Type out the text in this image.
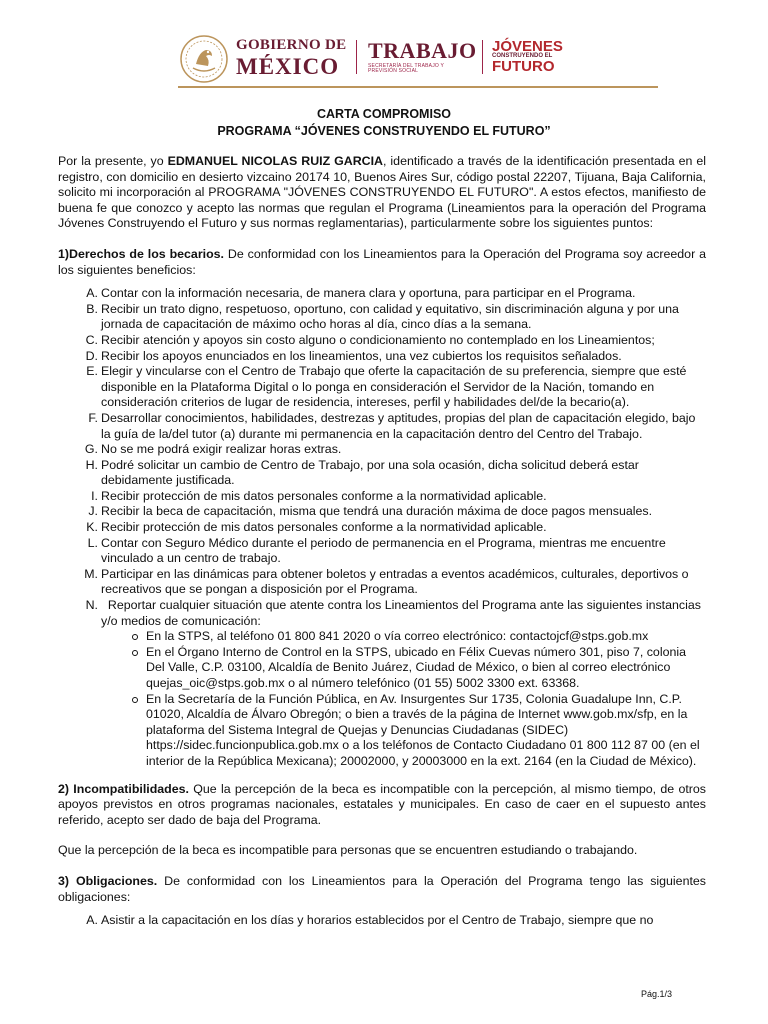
GOBIERNO DE
MÉXICO
TRABAJO
SECRETARÍA DEL TRABAJO Y PREVISIÓN SOCIAL
JÓVENES
CONSTRUYENDO EL
FUTURO
CARTA COMPROMISO
PROGRAMA “JÓVENES CONSTRUYENDO EL FUTURO”

Por la presente, yo EDMANUEL NICOLAS RUIZ GARCIA, identificado a través de la identificación presentada en el registro, con domicilio en desierto vizcaino 20174 10, Buenos Aires Sur, código postal 22207, Tijuana, Baja California, solicito mi incorporación al PROGRAMA "JÓVENES CONSTRUYENDO EL FUTURO". A estos efectos, manifiesto de buena fe que conozco y acepto las normas que regulan el Programa (Lineamientos para la operación del Programa Jóvenes Construyendo el Futuro y sus normas reglamentarias), particularmente sobre los siguientes puntos:

1)Derechos de los becarios. De conformidad con los Lineamientos para la Operación del Programa soy acreedor a los siguientes beneficios:

A. Contar con la información necesaria, de manera clara y oportuna, para participar en el Programa.
B. Recibir un trato digno, respetuoso, oportuno, con calidad y equitativo, sin discriminación alguna y por una jornada de capacitación de máximo ocho horas al día, cinco días a la semana.
C. Recibir atención y apoyos sin costo alguno o condicionamiento no contemplado en los Lineamientos;
D. Recibir los apoyos enunciados en los lineamientos, una vez cubiertos los requisitos señalados.
E. Elegir y vincularse con el Centro de Trabajo que oferte la capacitación de su preferencia, siempre que esté disponible en la Plataforma Digital o lo ponga en consideración el Servidor de la Nación, tomando en consideración criterios de lugar de residencia, intereses, perfil y habilidades del/de la becario(a).
F. Desarrollar conocimientos, habilidades, destrezas y aptitudes, propias del plan de capacitación elegido, bajo la guía de la/del tutor (a) durante mi permanencia en la capacitación dentro del Centro del Trabajo.
G. No se me podrá exigir realizar horas extras.
H. Podré solicitar un cambio de Centro de Trabajo, por una sola ocasión, dicha solicitud deberá estar debidamente justificada.
I. Recibir protección de mis datos personales conforme a la normatividad aplicable.
J. Recibir la beca de capacitación, misma que tendrá una duración máxima de doce pagos mensuales.
K. Recibir protección de mis datos personales conforme a la normatividad aplicable.
L. Contar con Seguro Médico durante el periodo de permanencia en el Programa, mientras me encuentre vinculado a un centro de trabajo.
M. Participar en las dinámicas para obtener boletos y entradas a eventos académicos, culturales, deportivos o recreativos que se pongan a disposición por el Programa.
N. Reportar cualquier situación que atente contra los Lineamientos del Programa ante las siguientes instancias y/o medios de comunicación:
En la STPS, al teléfono 01 800 841 2020 o vía correo electrónico: contactojcf@stps.gob.mx
En el Órgano Interno de Control en la STPS, ubicado en Félix Cuevas número 301, piso 7, colonia Del Valle, C.P. 03100, Alcaldía de Benito Juárez, Ciudad de México, o bien al correo electrónico quejas_oic@stps.gob.mx o al número telefónico (01 55) 5002 3300 ext. 63368.
En la Secretaría de la Función Pública, en Av. Insurgentes Sur 1735, Colonia Guadalupe Inn, C.P. 01020, Alcaldía de Álvaro Obregón; o bien a través de la página de Internet www.gob.mx/sfp, en la plataforma del Sistema Integral de Quejas y Denuncias Ciudadanas (SIDEC) https://sidec.funcionpublica.gob.mx o a los teléfonos de Contacto Ciudadano 01 800 112 87 00 (en el interior de la República Mexicana); 20002000, y 20003000 en la ext. 2164 (en la Ciudad de México).

2) Incompatibilidades. Que la percepción de la beca es incompatible con la percepción, al mismo tiempo, de otros apoyos previstos en otros programas nacionales, estatales y municipales. En caso de caer en el supuesto antes referido, acepto ser dado de baja del Programa.

Que la percepción de la beca es incompatible para personas que se encuentren estudiando o trabajando.

3) Obligaciones. De conformidad con los Lineamientos para la Operación del Programa tengo las siguientes obligaciones:

A. Asistir a la capacitación en los días y horarios establecidos por el Centro de Trabajo, siempre que no
Pág.1/3
